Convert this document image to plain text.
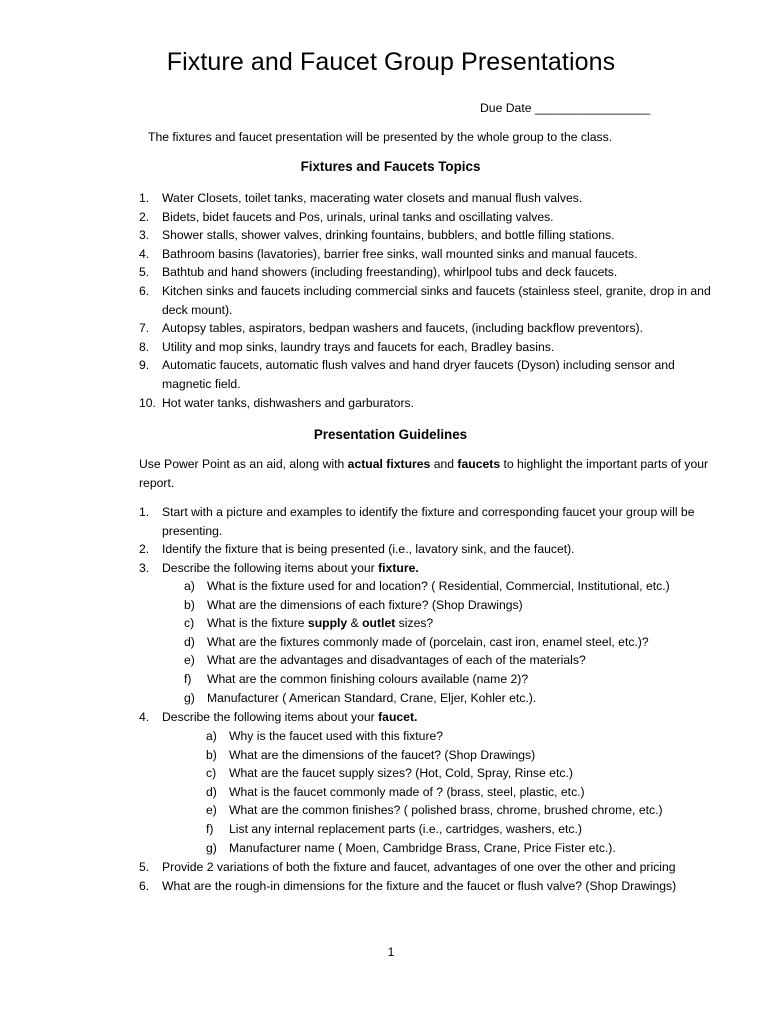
Fixture and Faucet Group Presentations
Due Date _________________
The fixtures and faucet presentation will be presented by the whole group to the class.
Fixtures and Faucets Topics
1. Water Closets, toilet tanks, macerating water closets and manual flush valves.
2. Bidets, bidet faucets and Pos, urinals, urinal tanks and oscillating valves.
3. Shower stalls, shower valves, drinking fountains, bubblers, and bottle filling stations.
4. Bathroom basins (lavatories), barrier free sinks, wall mounted sinks and manual faucets.
5. Bathtub and hand showers (including freestanding), whirlpool tubs and deck faucets.
6. Kitchen sinks and faucets including commercial sinks and faucets (stainless steel, granite, drop in and deck mount).
7. Autopsy tables, aspirators, bedpan washers and faucets, (including backflow preventors).
8. Utility and mop sinks, laundry trays and faucets for each, Bradley basins.
9. Automatic faucets, automatic flush valves and hand dryer faucets (Dyson) including sensor and magnetic field.
10. Hot water tanks, dishwashers and garburators.
Presentation Guidelines
Use Power Point as an aid, along with actual fixtures and faucets to highlight the important parts of your report.
1. Start with a picture and examples to identify the fixture and corresponding faucet your group will be presenting.
2. Identify the fixture that is being presented (i.e., lavatory sink, and the faucet).
3. Describe the following items about your fixture.
a) What is the fixture used for and location? ( Residential, Commercial, Institutional, etc.)
b) What are the dimensions of each fixture? (Shop Drawings)
c) What is the fixture supply & outlet sizes?
d) What are the fixtures commonly made of (porcelain, cast iron, enamel steel, etc.)?
e) What are the advantages and disadvantages of each of the materials?
f) What are the common finishing colours available (name 2)?
g) Manufacturer ( American Standard, Crane, Eljer, Kohler etc.).
4. Describe the following items about your faucet.
a) Why is the faucet used with this fixture?
b) What are the dimensions of the faucet? (Shop Drawings)
c) What are the faucet supply sizes? (Hot, Cold, Spray, Rinse etc.)
d) What is the faucet commonly made of ? (brass, steel, plastic, etc.)
e) What are the common finishes? ( polished brass, chrome, brushed chrome, etc.)
f) List any internal replacement parts (i.e., cartridges, washers, etc.)
g) Manufacturer name ( Moen, Cambridge Brass, Crane, Price Fister etc.).
5. Provide 2 variations of both the fixture and faucet, advantages of one over the other and pricing
6. What are the rough-in dimensions for the fixture and the faucet or flush valve? (Shop Drawings)
1
